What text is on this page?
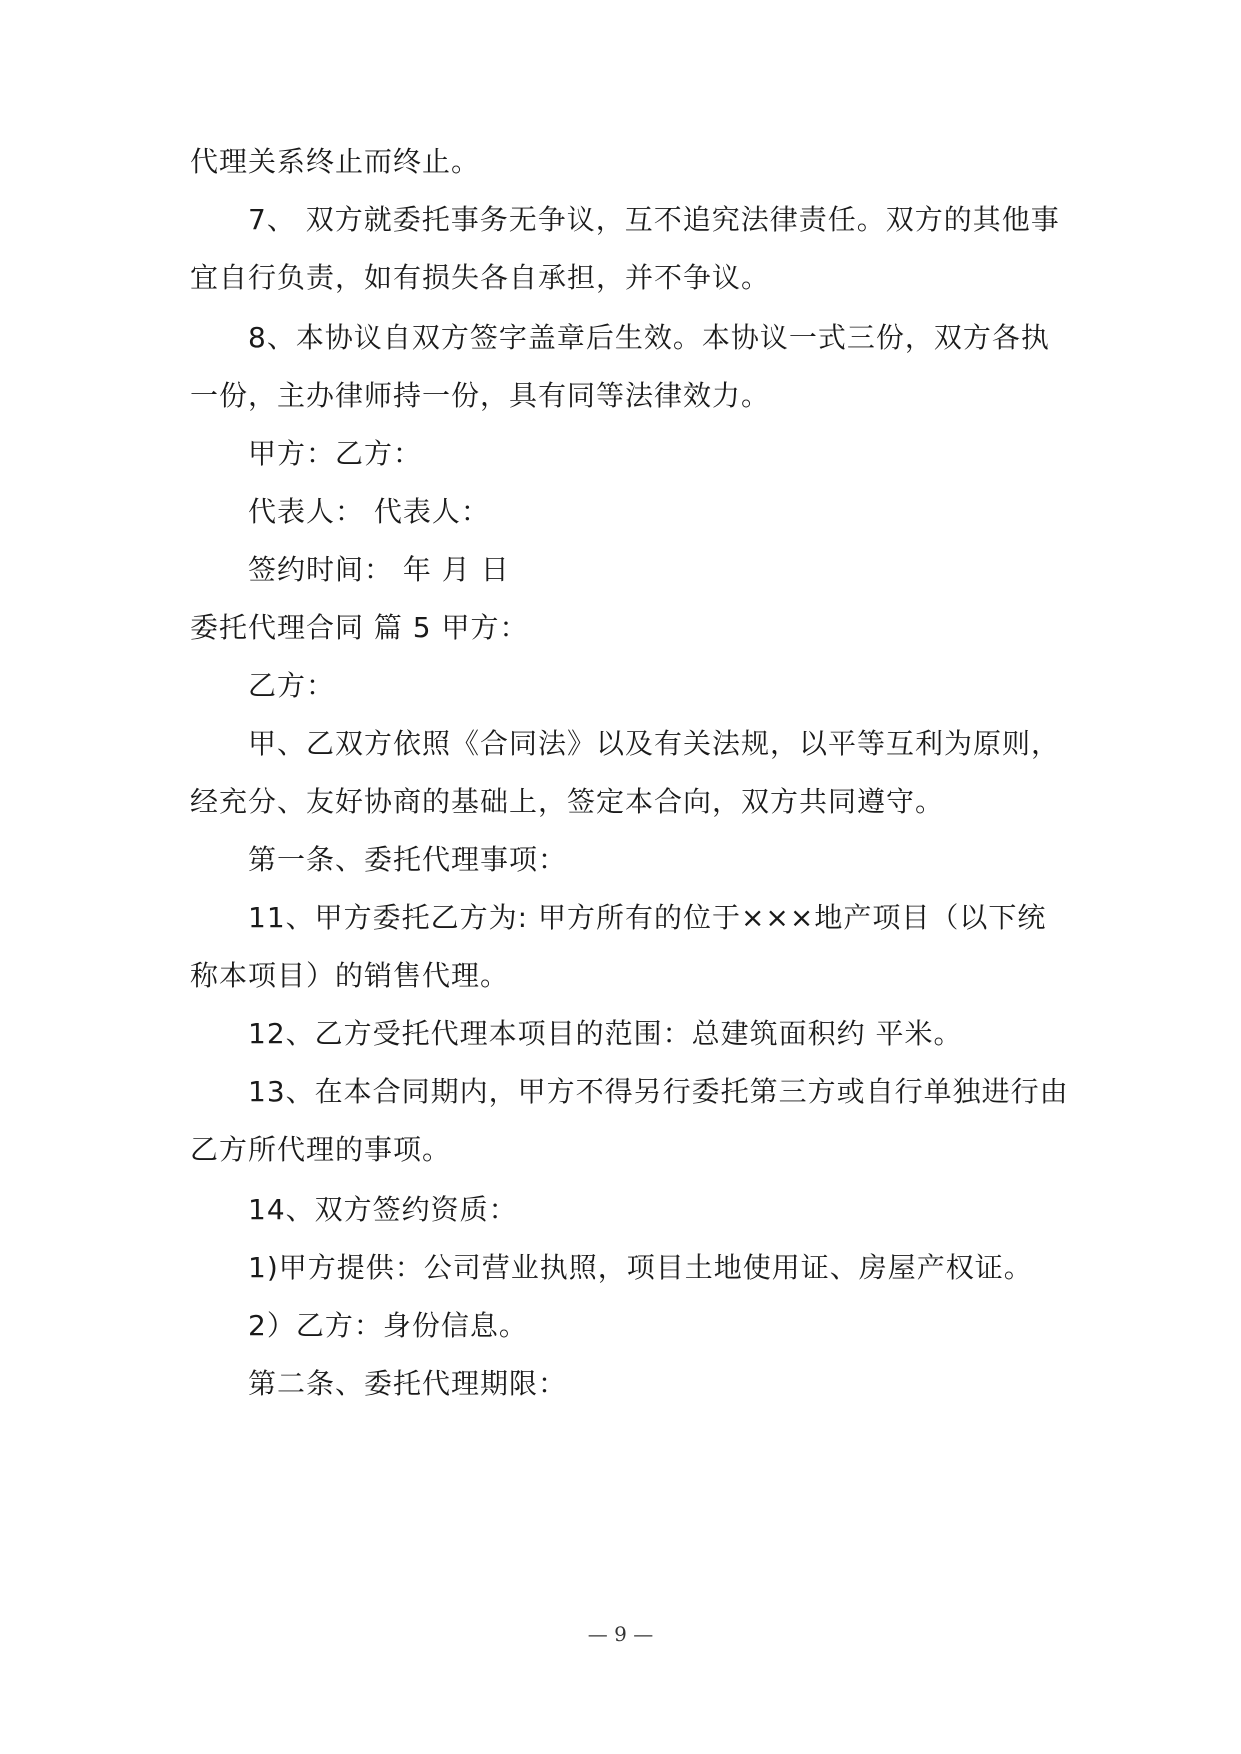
代理关系终止而终止。
7、 双方就委托事务无争议，互不追究法律责任。双方的其他事
宜自行负责，如有损失各自承担，并不争议。
8、本协议自双方签字盖章后生效。本协议一式三份，双方各执
一份，主办律师持一份，具有同等法律效力。
甲方：乙方：
代表人： 代表人：
签约时间： 年 月 日
委托代理合同 篇 5 甲方：
乙方：
甲、乙双方依照《合同法》以及有关法规，以平等互利为原则，
经充分、友好协商的基础上，签定本合向，双方共同遵守。
第一条、委托代理事项：
11、甲方委托乙方为: 甲方所有的位于×××地产项目（以下统
称本项目）的销售代理。
12、乙方受托代理本项目的范围：总建筑面积约 平米。
13、在本合同期内，甲方不得另行委托第三方或自行单独进行由
乙方所代理的事项。
14、双方签约资质：
1)甲方提供：公司营业执照，项目土地使用证、房屋产权证。
2）乙方：身份信息。
第二条、委托代理期限：
— 9 —
